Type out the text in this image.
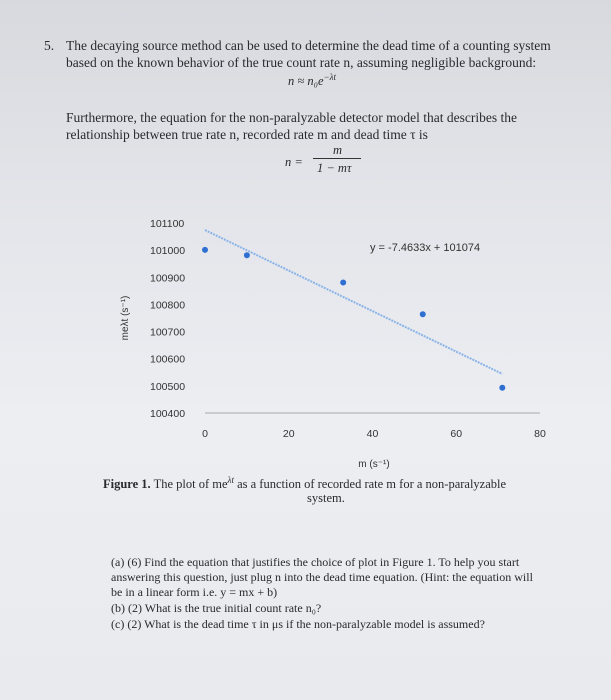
5. The decaying source method can be used to determine the dead time of a counting system
based on the known behavior of the true count rate n, assuming negligible background:
$n \approx n_0e^{-\lambda t}$
Furthermore, the equation for the non-paralyzable detector model that describes the
relationship between true rate n, recorded rate m and dead time τ is
n =
m
1 − mτ
101100
101000
100900
100800
100700
100600
100500
100400
0	20	40	60	80
y = -7.4633x + 101074
meλt (s⁻¹)
m (s⁻¹)
Figure 1. The plot of $me^{\lambda t}$ as a function of recorded rate m for a non-paralyzable
system.
(a) (6) Find the equation that justifies the choice of plot in Figure 1. To help you start
answering this question, just plug n into the dead time equation. (Hint: the equation will
be in a linear form i.e. y = mx + b)
(b) (2) What is the true initial count rate n₀?
(c) (2) What is the dead time τ in μs if the non-paralyzable model is assumed?
